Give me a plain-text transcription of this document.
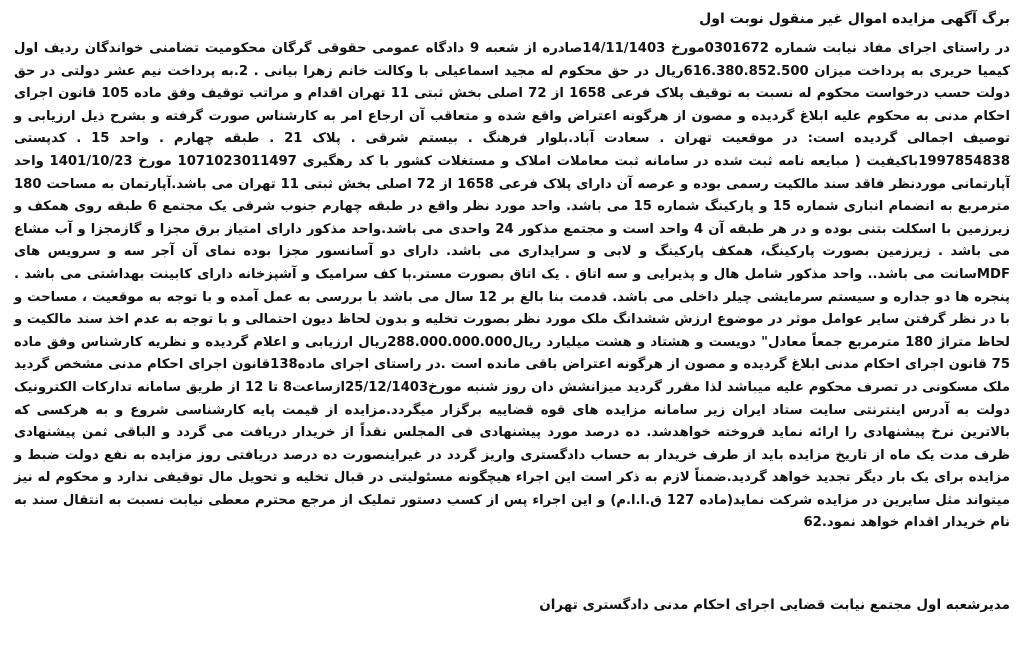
برگ آگهی مزایده اموال غیر منقول نوبت اول

در راستای اجرای مفاد نیابت شماره 0301672مورخ 14/11/1403صادره از شعبه 9 دادگاه عمومی حقوقی گرگان محکومیت تضامنی خواندگان ردیف اول کیمیا حریری به پرداخت میزان 616.380.852.500ریال در حق محکوم له مجید اسماعیلی با وکالت خانم زهرا بیانی . 2.به پرداخت نیم عشر دولتی در حق دولت حسب درخواست محکوم له نسبت به توقیف پلاک فرعی 1658 از 72 اصلی بخش ثبتی 11 تهران اقدام و مراتب توقیف وفق ماده 105 قانون اجرای احکام مدنی به محکوم علیه ابلاغ گردیده و مصون از هرگونه اعتراض واقع شده و متعاقب آن ارجاع امر به کارشناس صورت گرفته و بشرح ذیل ارزیابی و توصیف اجمالی گردیده است: در موقعیت تهران . سعادت آباد.بلوار فرهنگ . بیستم شرقی . پلاک 21 . طبقه چهارم . واحد 15 . کدپستی 1997854838باکیفیت ( مبایعه نامه ثبت شده در سامانه ثبت معاملات املاک و مستغلات کشور با کد رهگیری 1071023011497 مورخ 1401/10/23 واحد آپارتمانی موردنظر فاقد سند مالکیت رسمی بوده و عرصه آن دارای پلاک فرعی 1658 از 72 اصلی بخش ثبتی 11 تهران می باشد.آپارتمان به مساحت 180 مترمربع به انضمام انباری شماره 15 و پارکینگ شماره 15 می باشد. واحد مورد نظر واقع در طبقه چهارم جنوب شرقی یک مجتمع 6 طبقه روی همکف و زیرزمین با اسکلت بتنی بوده و در هر طبقه آن 4 واحد است و مجتمع مذکور 24 واحدی می باشد.واحد مذکور دارای امتیاز برق مجزا و گازمجزا و آب مشاع می باشد . زیرزمین بصورت پارکینگ، همکف پارکینگ و لابی و سرایداری می باشد. دارای دو آسانسور مجزا بوده نمای آن آجر سه و سرویس های MDFسانت می باشد.. واحد مذکور شامل هال و پذیرایی و سه اتاق . یک اتاق بصورت مستر.با کف سرامیک و آشپزخانه دارای کابینت بهداشتی می باشد . پنجره ها دو جداره و سیستم سرمایشی چیلر داخلی می باشد. قدمت بنا بالغ بر 12 سال می باشد با بررسی به عمل آمده و با توجه به موقعیت ، مساحت و با در نظر گرفتن سایر عوامل موثر در موضوع ارزش ششدانگ ملک مورد نظر بصورت تخلیه و بدون لحاظ دیون احتمالی و با توجه به عدم اخذ سند مالکیت و لحاظ متراژ 180 مترمربع جمعاً معادل" دویست و هشتاد و هشت میلیارد ریال288.000.000.000ریال ارزیابی و اعلام گردیده و نظریه کارشناس وفق ماده 75 قانون اجرای احکام مدنی ابلاغ گردیده و مصون از هرگونه اعتراض باقی مانده است .در راستای اجرای ماده138قانون اجرای احکام مدنی مشخص گردید ملک مسکونی در تصرف محکوم علیه میباشد لذا مقرر گردید میزانشش دان روز شنبه مورخ25/12/1403ازساعت8 تا 12 از طریق سامانه تدارکات الکترونیک دولت به آدرس اینترنتی سایت ستاد ایران زیر سامانه مزایده های قوه قضاییه برگزار میگردد.مزایده از قیمت پایه کارشناسی شروع و به هرکسی که بالاترین نرخ پیشنهادی را ارائه نماید فروخته خواهدشد. ده درصد مورد پیشنهادی فی المجلس نقداً از خریدار دریافت می گردد و الباقی ثمن پیشنهادی ظرف مدت یک ماه از تاریخ مزایده باید از طرف خریدار به حساب دادگستری واریز گردد در غیراینصورت ده درصد دریافتی روز مزایده به نفع دولت ضبط و مزایده برای یک بار دیگر تجدید خواهد گردید.ضمناً لازم به ذکر است این اجراء هیچگونه مسئولیتی در قبال تخلیه و تحویل مال توقیفی ندارد و محکوم له نیز میتواند مثل سایرین در مزایده شرکت نماید(ماده 127 ق.ا.ا.م) و این اجراء پس از کسب دستور تملیک از مرجع محترم معطی نیابت نسبت به انتقال سند به نام خریدار اقدام خواهد نمود.62

مدیرشعبه اول مجتمع نیابت قضایی اجرای احکام مدنی دادگستری تهران
